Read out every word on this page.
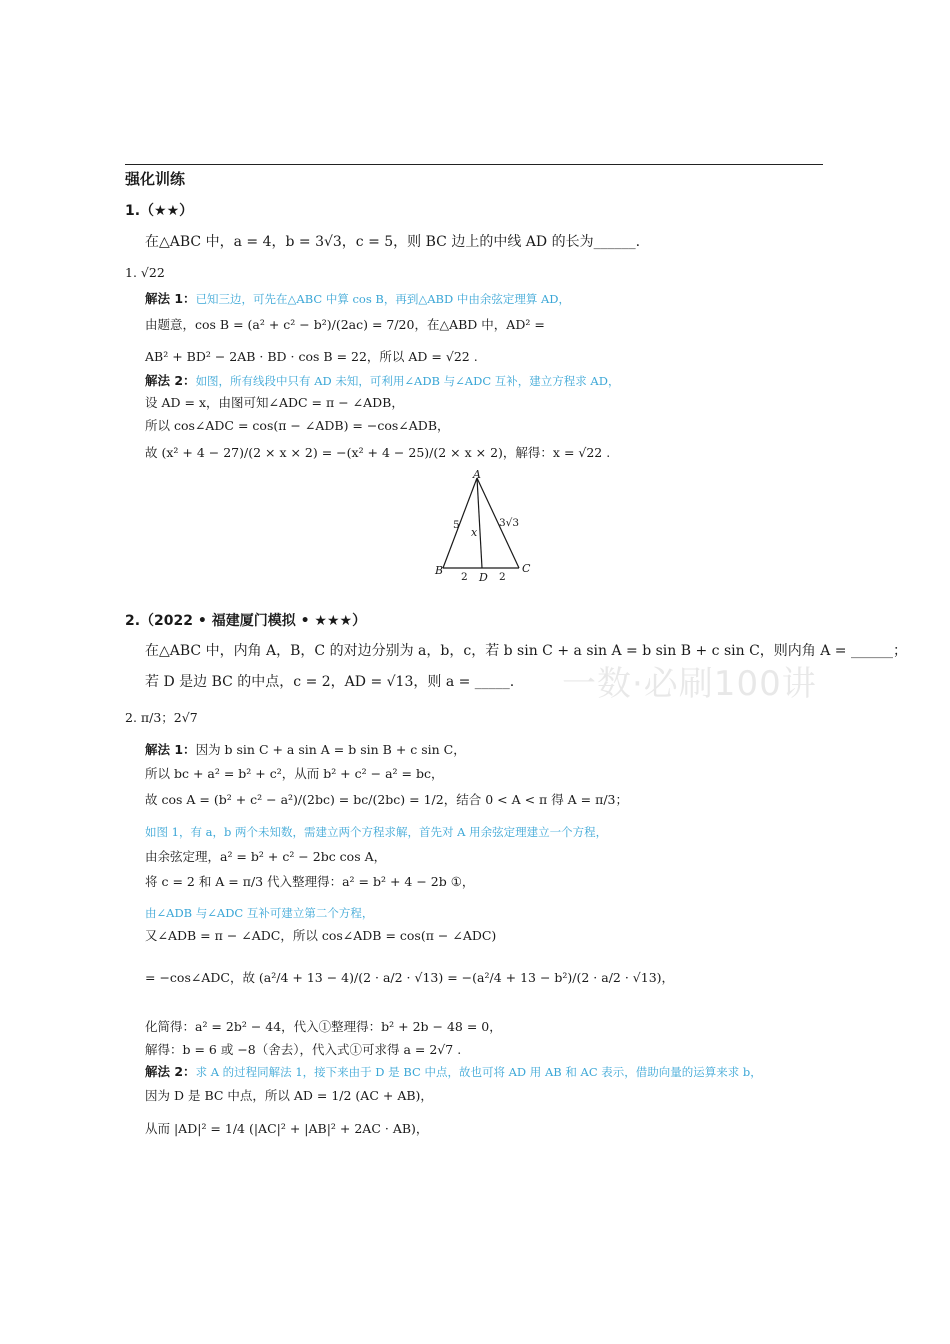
强化训练
一数·必刷100讲
1.（★★）
在△ABC 中，a = 4，b = 3√3，c = 5，则 BC 边上的中线 AD 的长为______.
1. √22
解法 1：已知三边，可先在△ABC 中算 cos B，再到△ABD 中由余弦定理算 AD，
由题意，cos B = (a² + c² − b²)/(2ac) = 7/20，在△ABD 中，AD² =
AB² + BD² − 2AB · BD · cos B = 22，所以 AD = √22 .
解法 2：如图，所有线段中只有 AD 未知，可利用∠ADB 与∠ADC 互补，建立方程求 AD，
设 AD = x，由图可知∠ADC = π − ∠ADB，
所以 cos∠ADC = cos(π − ∠ADB) = −cos∠ADB，
故 (x² + 4 − 27)/(2 × x × 2) = −(x² + 4 − 25)/(2 × x × 2)，解得：x = √22 .
A
B	C
D
x
5	3√3
2	2
2.（2022 • 福建厦门模拟 • ★★★）
在△ABC 中，内角 A，B，C 的对边分别为 a，b，c，若 b sin C + a sin A = b sin B + c sin C，则内角 A = ______；
若 D 是边 BC 的中点，c = 2，AD = √13，则 a = _____.
2. π/3；2√7
解法 1：因为 b sin C + a sin A = b sin B + c sin C，
所以 bc + a² = b² + c²，从而 b² + c² − a² = bc，
故 cos A = (b² + c² − a²)/(2bc) = bc/(2bc) = 1/2，结合 0 < A < π 得 A = π/3；
如图 1，有 a，b 两个未知数，需建立两个方程求解，首先对 A 用余弦定理建立一个方程，
由余弦定理，a² = b² + c² − 2bc cos A，
将 c = 2 和 A = π/3 代入整理得：a² = b² + 4 − 2b ①，
由∠ADB 与∠ADC 互补可建立第二个方程，
又∠ADB = π − ∠ADC，所以 cos∠ADB = cos(π − ∠ADC)
= −cos∠ADC，故 (a²/4 + 13 − 4)/(2 · a/2 · √13) = −(a²/4 + 13 − b²)/(2 · a/2 · √13)，
化简得：a² = 2b² − 44，代入①整理得：b² + 2b − 48 = 0，
解得：b = 6 或 −8（舍去），代入式①可求得 a = 2√7 .
解法 2：求 A 的过程同解法 1，接下来由于 D 是 BC 中点，故也可将 AD 用 AB 和 AC 表示，借助向量的运算来求 b，
因为 D 是 BC 中点，所以 AD = 1/2 (AC + AB)，
从而 |AD|² = 1/4 (|AC|² + |AB|² + 2AC · AB)，
